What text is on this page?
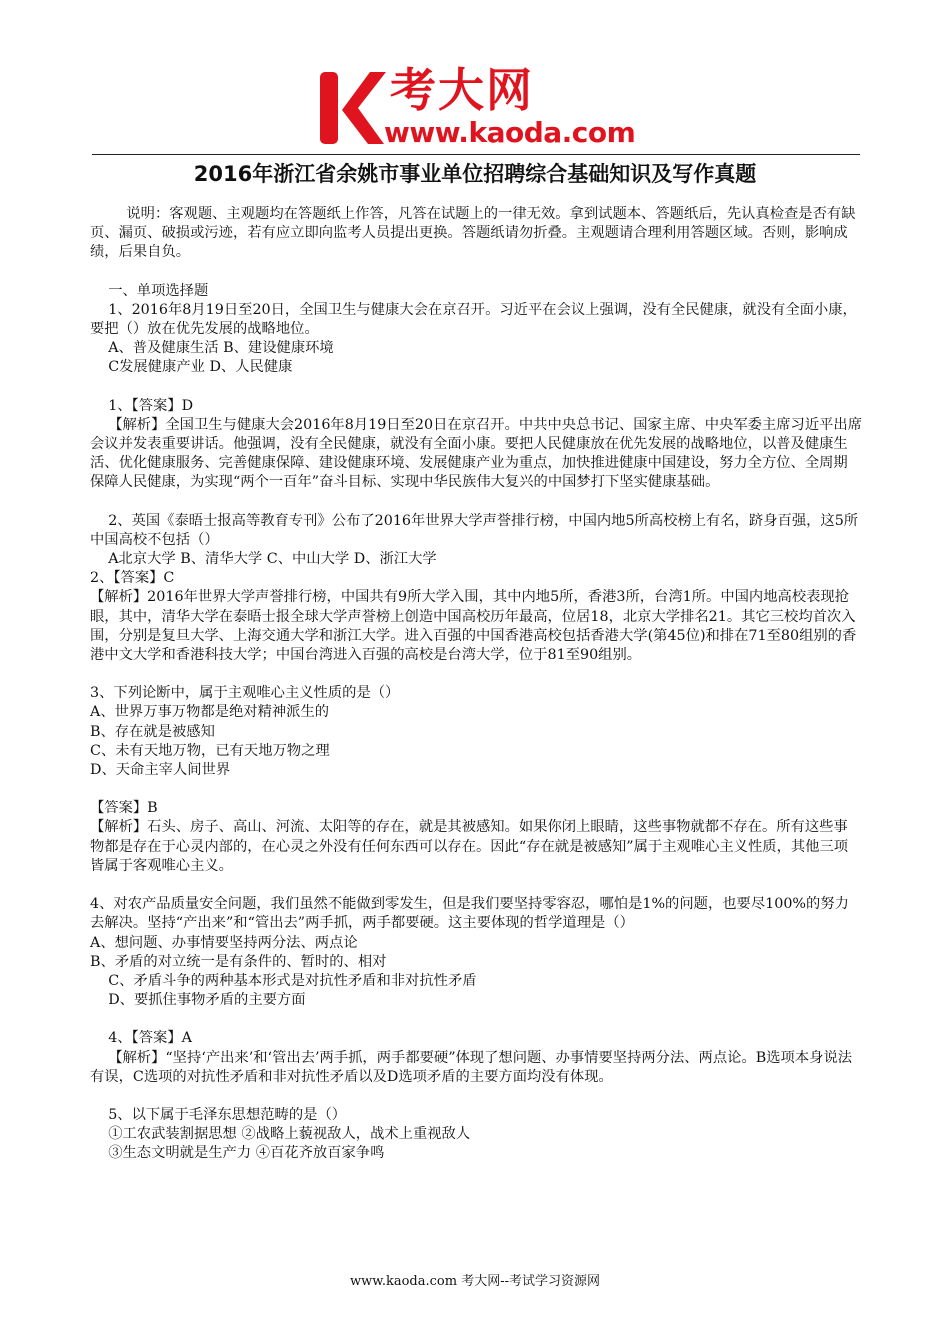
考大网
www.kaoda.com
2016年浙江省余姚市事业单位招聘综合基础知识及写作真题

说明：客观题、主观题均在答题纸上作答，凡答在试题上的一律无效。拿到试题本、答题纸后，先认真检查是否有缺页、漏页、破损或污迹，若有应立即向监考人员提出更换。答题纸请勿折叠。主观题请合理利用答题区域。否则，影响成绩，后果自负。

一、单项选择题

1、2016年8月19日至20日，全国卫生与健康大会在京召开。习近平在会议上强调，没有全民健康，就没有全面小康，要把（）放在优先发展的战略地位。

A、普及健康生活 B、建设健康环境

C发展健康产业 D、人民健康

1、【答案】D

【解析】全国卫生与健康大会2016年8月19日至20日在京召开。中共中央总书记、国家主席、中央军委主席习近平出席会议并发表重要讲话。他强调，没有全民健康，就没有全面小康。要把人民健康放在优先发展的战略地位，以普及健康生活、优化健康服务、完善健康保障、建设健康环境、发展健康产业为重点，加快推进健康中国建设，努力全方位、全周期保障人民健康，为实现“两个一百年”奋斗目标、实现中华民族伟大复兴的中国梦打下坚实健康基础。

2、英国《泰晤士报高等教育专刊》公布了2016年世界大学声誉排行榜，中国内地5所高校榜上有名，跻身百强，这5所中国高校不包括（）

A北京大学 B、清华大学 C、中山大学 D、浙江大学

2、【答案】C

【解析】2016年世界大学声誉排行榜，中国共有9所大学入围，其中内地5所，香港3所，台湾1所。中国内地高校表现抢眼，其中，清华大学在泰晤士报全球大学声誉榜上创造中国高校历年最高，位居18，北京大学排名21。其它三校均首次入围，分别是复旦大学、上海交通大学和浙江大学。进入百强的中国香港高校包括香港大学(第45位)和排在71至80组别的香港中文大学和香港科技大学；中国台湾进入百强的高校是台湾大学，位于81至90组别。

3、下列论断中，属于主观唯心主义性质的是（）

A、世界万事万物都是绝对精神派生的

B、存在就是被感知

C、未有天地万物，已有天地万物之理

D、天命主宰人间世界

【答案】B

【解析】石头、房子、高山、河流、太阳等的存在，就是其被感知。如果你闭上眼睛，这些事物就都不存在。所有这些事物都是存在于心灵内部的，在心灵之外没有任何东西可以存在。因此“存在就是被感知”属于主观唯心主义性质，其他三项皆属于客观唯心主义。

4、对农产品质量安全问题，我们虽然不能做到零发生，但是我们要坚持零容忍，哪怕是1%的问题，也要尽100%的努力去解决。坚持“产出来”和“管出去”两手抓，两手都要硬。这主要体现的哲学道理是（）

A、想问题、办事情要坚持两分法、两点论

B、矛盾的对立统一是有条件的、暂时的、相对

C、矛盾斗争的两种基本形式是对抗性矛盾和非对抗性矛盾

D、要抓住事物矛盾的主要方面

4、【答案】A

【解析】“坚持‘产出来’和‘管出去’两手抓，两手都要硬”体现了想问题、办事情要坚持两分法、两点论。B选项本身说法有误，C选项的对抗性矛盾和非对抗性矛盾以及D选项矛盾的主要方面均没有体现。

5、以下属于毛泽东思想范畴的是（）

①工农武装割据思想 ②战略上藐视敌人，战术上重视敌人

③生态文明就是生产力 ④百花齐放百家争鸣

www.kaoda.com 考大网--考试学习资源网
